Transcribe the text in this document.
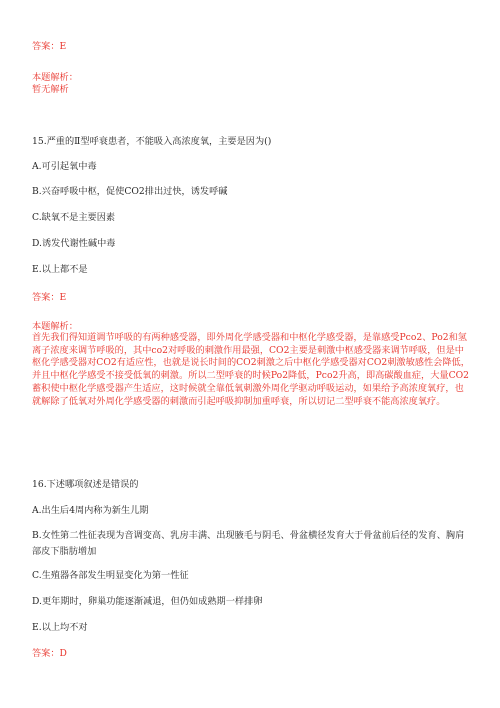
答案：E
本题解析：
暂无解析
15.严重的Ⅱ型呼衰患者，不能吸入高浓度氧，主要是因为()
A.可引起氧中毒
B.兴奋呼吸中枢，促使CO2排出过快，诱发呼碱
C.缺氧不是主要因素
D.诱发代谢性碱中毒
E.以上都不是
答案：E
本题解析：

首先我们得知道调节呼吸的有两种感受器，即外周化学感受器和中枢化学感受器，是靠感受Pco2、Po2和氢离子浓度来调节呼吸的，其中co2对呼吸的刺激作用最强，CO2主要是刺激中枢感受器来调节呼吸，但是中枢化学感受器对CO2有适应性，也就是说长时间的CO2刺激之后中枢化学感受器对CO2刺激敏感性会降低，并且中枢化学感受不接受低氧的刺激。所以二型呼衰的时候Po2降低，Pco2升高，即高碳酸血症，大量CO2蓄积使中枢化学感受器产生适应，这时候就全靠低氧刺激外周化学驱动呼吸运动，如果给予高浓度氧疗，也就解除了低氧对外周化学感受器的刺激而引起呼吸抑制加重呼衰，所以切记二型呼衰不能高浓度氧疗。

16.下述哪项叙述是错误的
A.出生后4周内称为新生儿期

B.女性第二性征表现为音调变高、乳房丰满、出现腋毛与阴毛、骨盆横径发育大于骨盆前后径的发育、胸肩部皮下脂肪增加

C.生殖器各部发生明显变化为第一性征
D.更年期时，卵巢功能逐渐减退，但仍如成熟期一样排卵
E.以上均不对
答案：D
